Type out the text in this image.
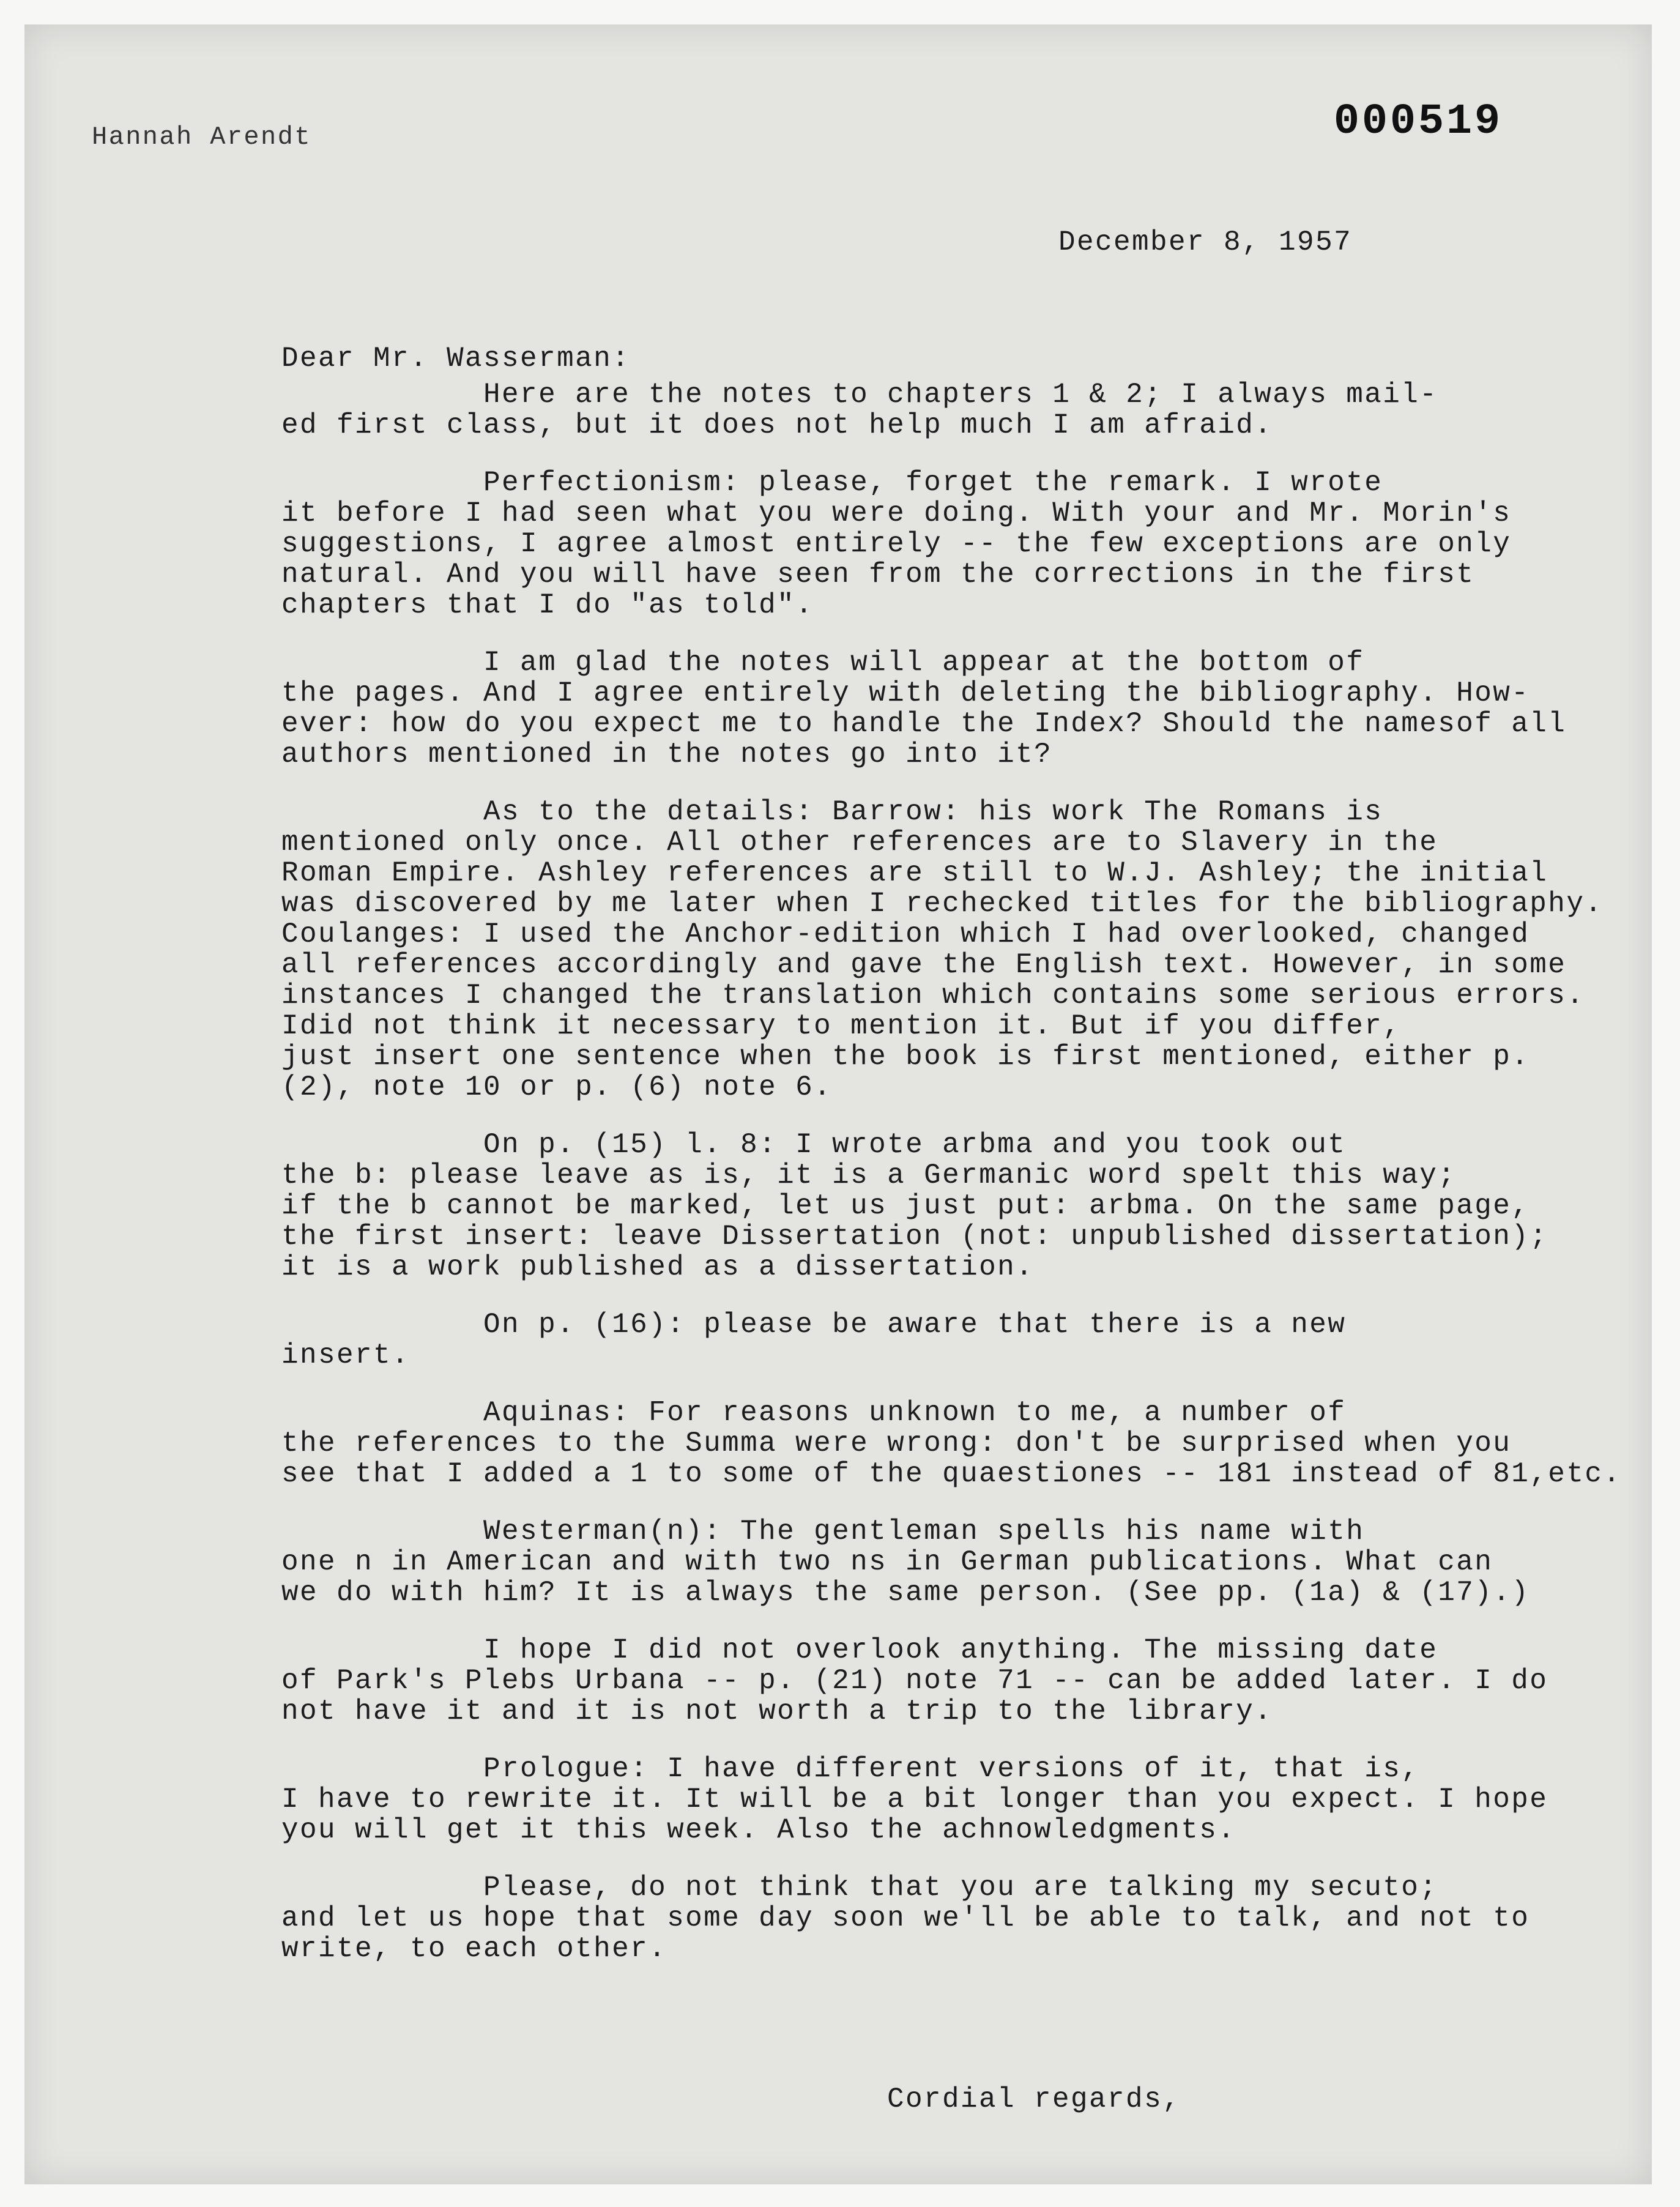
Hannah Arendt	000519

December 8, 1957

Dear Mr. Wasserman:

Here are the notes to chapters 1 & 2; I always mail-
ed first class, but it does not help much I am afraid.

Perfectionism: please, forget the remark. I wrote
it before I had seen what you were doing. With your and Mr. Morin's
suggestions, I agree almost entirely -- the few exceptions are only
natural. And you will have seen from the corrections in the first
chapters that I do "as told".

I am glad the notes will appear at the bottom of
the pages. And I agree entirely with deleting the bibliography. How-
ever: how do you expect me to handle the Index? Should the namesof all
authors mentioned in the notes go into it?

As to the details: Barrow: his work The Romans is
mentioned only once. All other references are to Slavery in the
Roman Empire. Ashley references are still to W.J. Ashley; the initial
was discovered by me later when I rechecked titles for the bibliography.
Coulanges: I used the Anchor-edition which I had overlooked, changed
all references accordingly and gave the English text. However, in some
instances I changed the translation which contains some serious errors.
Idid not think it necessary to mention it. But if you differ,
just insert one sentence when the book is first mentioned, either p.
(2), note 10 or p. (6) note 6.

On p. (15) l. 8: I wrote arbma and you took out
the b: please leave as is, it is a Germanic word spelt this way;
if the b cannot be marked, let us just put: arbma. On the same page,
the first insert: leave Dissertation (not: unpublished dissertation);
it is a work published as a dissertation.

On p. (16): please be aware that there is a new
insert.

Aquinas: For reasons unknown to me, a number of
the references to the Summa were wrong: don't be surprised when you
see that I added a 1 to some of the quaestiones -- 181 instead of 81,etc.

Westerman(n): The gentleman spells his name with
one n in American and with two ns in German publications. What can
we do with him? It is always the same person. (See pp. (1a) & (17).)

I hope I did not overlook anything. The missing date
of Park's Plebs Urbana -- p. (21) note 71 -- can be added later. I do
not have it and it is not worth a trip to the library.

Prologue: I have different versions of it, that is,
I have to rewrite it. It will be a bit longer than you expect. I hope
you will get it this week. Also the achnowledgments.

Please, do not think that you are talking my secuto;
and let us hope that some day soon we'll be able to talk, and not to
write, to each other.

Cordial regards,
